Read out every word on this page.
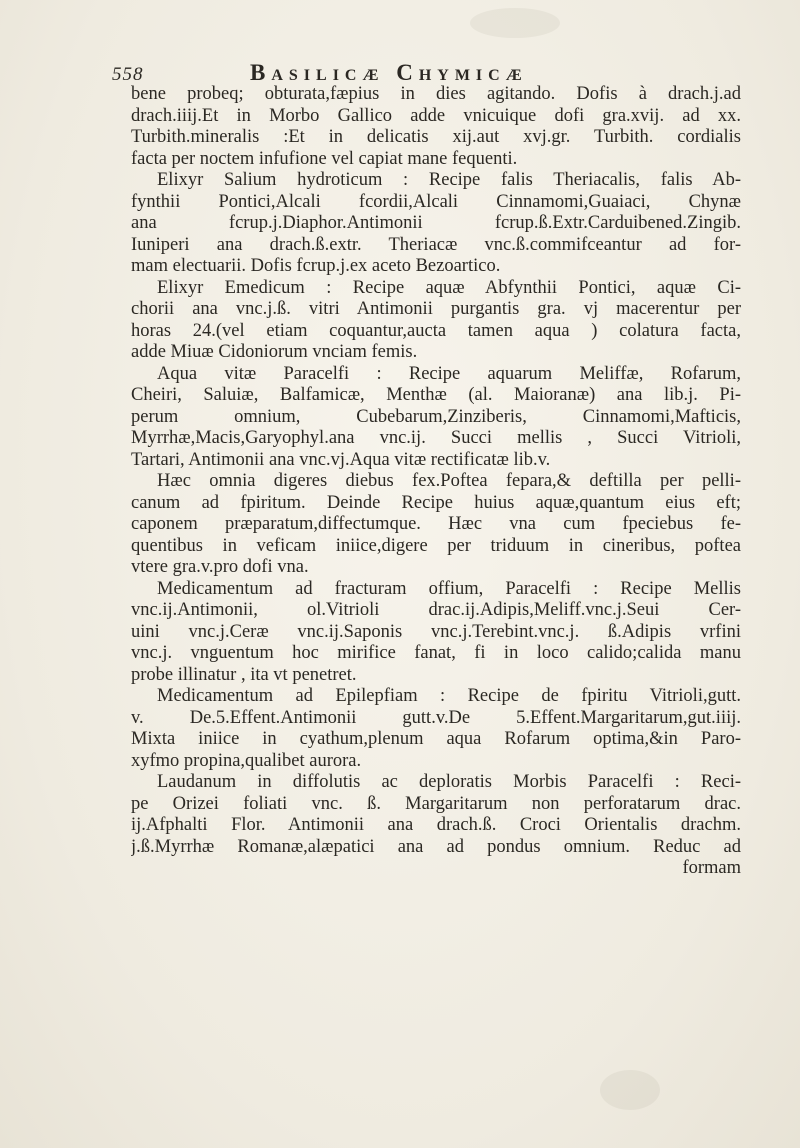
558	Basilicæ Chymicæ
bene probeq; obturata,fæpius in dies agitando. Dofis à drach.j.ad
drach.iiij.Et in Morbo Gallico adde vnicuique dofi gra.xvij. ad xx.
Turbith.mineralis :Et in delicatis xij.aut xvj.gr. Turbith. cordialis
facta per noctem infufione vel capiat mane fequenti.
Elixyr Salium hydroticum : Recipe falis Theriacalis, falis Ab-
fynthii Pontici,Alcali fcordii,Alcali Cinnamomi,Guaiaci, Chynæ
ana fcrup.j.Diaphor.Antimonii fcrup.ß.Extr.Carduibened.Zingib.
Iuniperi ana drach.ß.extr. Theriacæ vnc.ß.commifceantur ad for-
mam electuarii. Dofis fcrup.j.ex aceto Bezoartico.
Elixyr Emedicum : Recipe aquæ Abfynthii Pontici, aquæ Ci-
chorii ana vnc.j.ß. vitri Antimonii purgantis gra. vj macerentur per
horas 24.(vel etiam coquantur,aucta tamen aqua ) colatura facta,
adde Miuæ Cidoniorum vnciam femis.
Aqua vitæ Paracelfi : Recipe aquarum Meliffæ, Rofarum,
Cheiri, Saluiæ, Balfamicæ, Menthæ (al. Maioranæ) ana lib.j. Pi-
perum omnium, Cubebarum,Zinziberis, Cinnamomi,Mafticis,
Myrrhæ,Macis,Garyophyl.ana vnc.ij. Succi mellis , Succi Vitrioli,
Tartari, Antimonii ana vnc.vj.Aqua vitæ rectificatæ lib.v.
Hæc omnia digeres diebus fex.Poftea fepara,& deftilla per pelli-
canum ad fpiritum. Deinde Recipe huius aquæ,quantum eius eft;
caponem præparatum,diffectumque. Hæc vna cum fpeciebus fe-
quentibus in veficam iniice,digere per triduum in cineribus, poftea
vtere gra.v.pro dofi vna.
Medicamentum ad fracturam offium, Paracelfi : Recipe Mellis
vnc.ij.Antimonii, ol.Vitrioli drac.ij.Adipis,Meliff.vnc.j.Seui Cer-
uini vnc.j.Ceræ vnc.ij.Saponis vnc.j.Terebint.vnc.j. ß.Adipis vrfini
vnc.j. vnguentum hoc mirifice fanat, fi in loco calido;calida manu
probe illinatur , ita vt penetret.
Medicamentum ad Epilepfiam : Recipe de fpiritu Vitrioli,gutt.
v. De.5.Effent.Antimonii gutt.v.De 5.Effent.Margaritarum,gut.iiij.
Mixta iniice in cyathum,plenum aqua Rofarum optima,&in Paro-
xyfmo propina,qualibet aurora.
Laudanum in diffolutis ac deploratis Morbis Paracelfi : Reci-
pe Orizei foliati vnc. ß. Margaritarum non perforatarum drac.
ij.Afphalti Flor. Antimonii ana drach.ß. Croci Orientalis drachm.
j.ß.Myrrhæ Romanæ,alæpatici ana ad pondus omnium. Reduc ad
formam
